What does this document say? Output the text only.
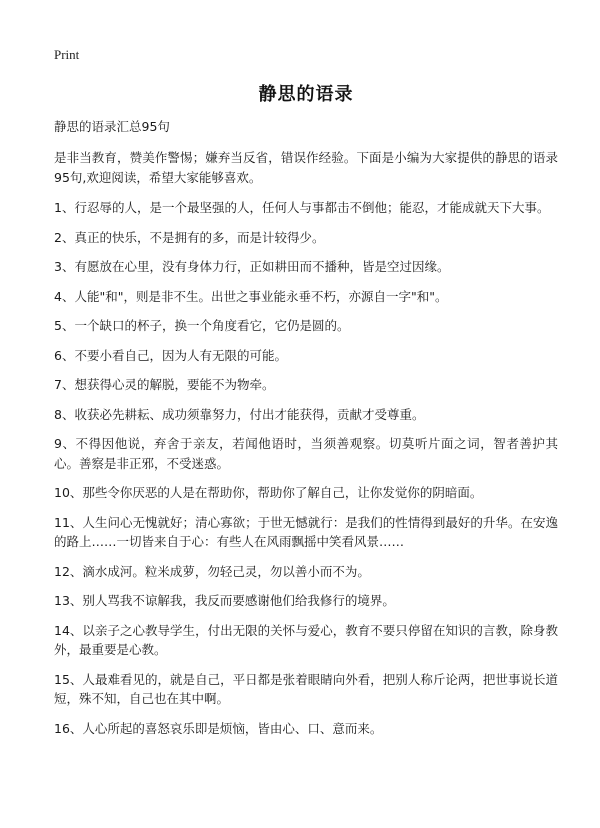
Print
静思的语录
静思的语录汇总95句
是非当教育，赞美作警惕；嫌弃当反省，错误作经验。下面是小编为大家提供的静思的语录95句,欢迎阅读，希望大家能够喜欢。
1、行忍辱的人，是一个最坚强的人，任何人与事都击不倒他；能忍，才能成就天下大事。
2、真正的快乐，不是拥有的多，而是计较得少。
3、有愿放在心里，没有身体力行，正如耕田而不播种，皆是空过因缘。
4、人能"和"，则是非不生。出世之事业能永垂不朽，亦源自一字"和"。
5、一个缺口的杯子，换一个角度看它，它仍是圆的。
6、不要小看自己，因为人有无限的可能。
7、想获得心灵的解脱，要能不为物牵。
8、收获必先耕耘、成功须靠努力，付出才能获得，贡献才受尊重。
9、不得因他说，弃舍于亲友，若闻他语时，当须善观察。切莫听片面之词，智者善护其心。善察是非正邪，不受迷惑。
10、那些令你厌恶的人是在帮助你，帮助你了解自己，让你发觉你的阴暗面。
11、人生问心无愧就好；清心寡欲；于世无憾就行：是我们的性情得到最好的升华。在安逸的路上……一切皆来自于心：有些人在风雨飘摇中笑看风景……
12、滴水成河。粒米成萝，勿轻己灵，勿以善小而不为。
13、别人骂我不谅解我，我反而要感谢他们给我修行的境界。
14、以亲子之心教导学生，付出无限的关怀与爱心，教育不要只停留在知识的言教，除身教外，最重要是心教。
15、人最难看见的，就是自己，平日都是张着眼睛向外看，把别人称斤论两，把世事说长道短，殊不知，自己也在其中啊。
16、人心所起的喜怒哀乐即是烦恼，皆由心、口、意而来。
